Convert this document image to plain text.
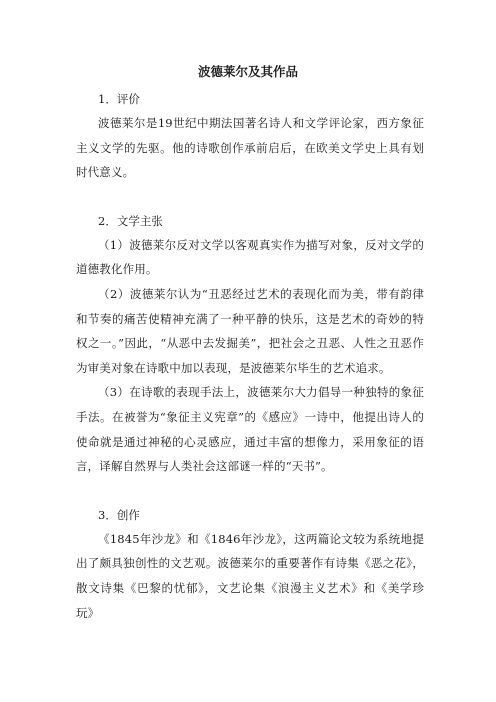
波德莱尔及其作品

1．评价

波德莱尔是19世纪中期法国著名诗人和文学评论家，西方象征主义文学的先驱。他的诗歌创作承前启后，在欧美文学史上具有划时代意义。

2．文学主张

（1）波德莱尔反对文学以客观真实作为描写对象，反对文学的道德教化作用。

（2）波德莱尔认为“丑恶经过艺术的表现化而为美，带有韵律和节奏的痛苦使精神充满了一种平静的快乐，这是艺术的奇妙的特权之一。”因此，“从恶中去发掘美”，把社会之丑恶、人性之丑恶作为审美对象在诗歌中加以表现，是波德莱尔毕生的艺术追求。

（3）在诗歌的表现手法上，波德莱尔大力倡导一种独特的象征手法。在被誉为“象征主义宪章”的《感应》一诗中，他提出诗人的使命就是通过神秘的心灵感应，通过丰富的想像力，采用象征的语言，译解自然界与人类社会这部谜一样的“天书”。

3．创作

《1845年沙龙》和《1846年沙龙》，这两篇论文较为系统地提出了颇具独创性的文艺观。波德莱尔的重要著作有诗集《恶之花》，散文诗集《巴黎的忧郁》，文艺论集《浪漫主义艺术》和《美学珍玩》
